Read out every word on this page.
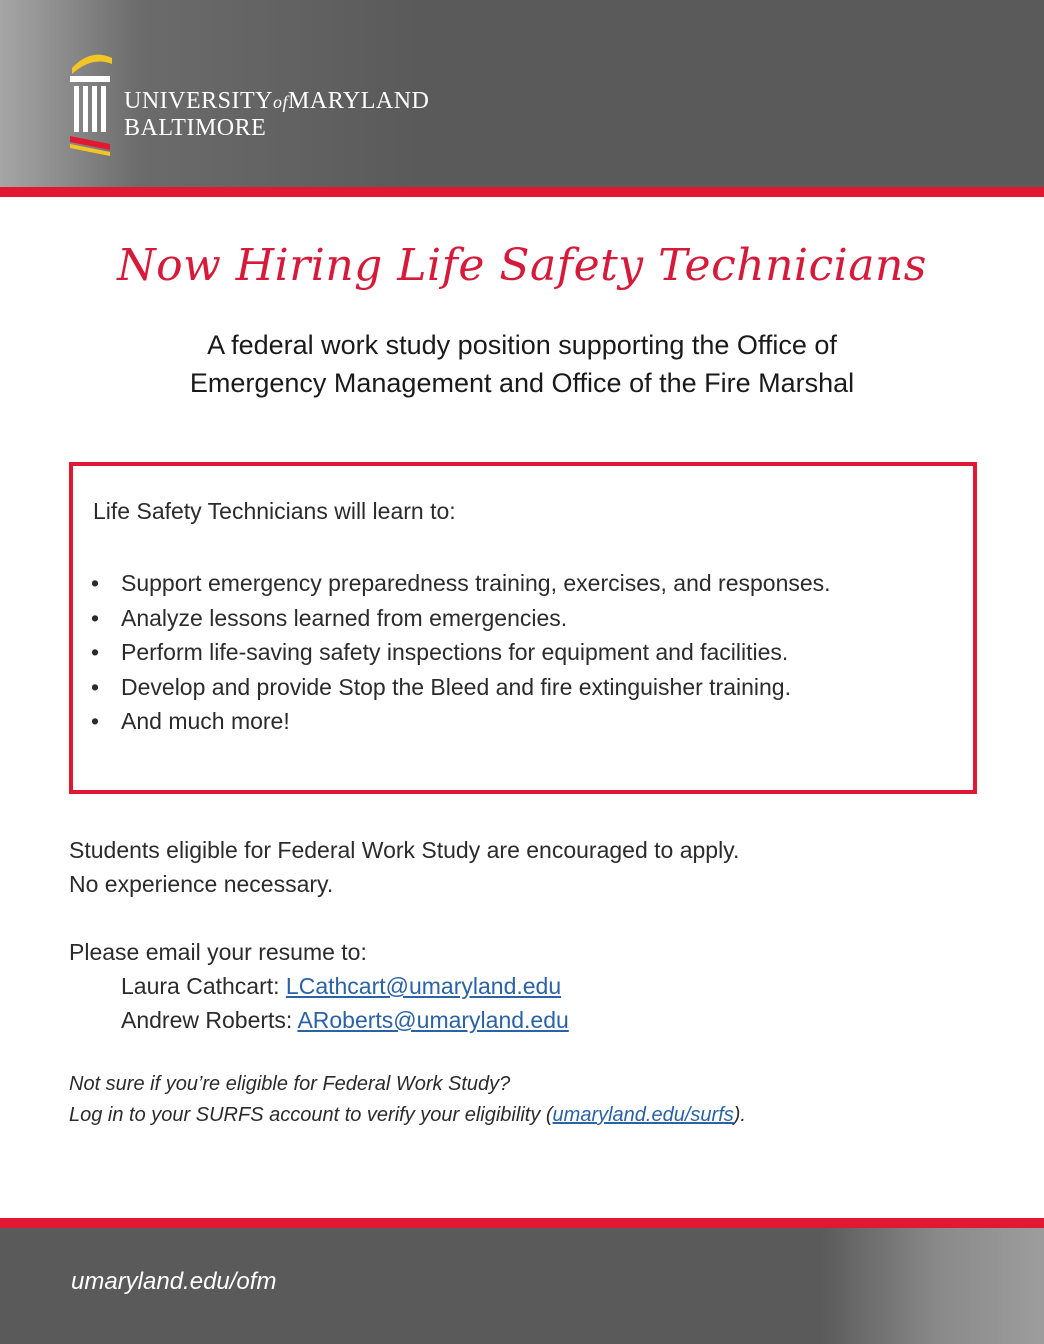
UNIVERSITYofMARYLAND
BALTIMORE
Now Hiring Life Safety Technicians
A federal work study position supporting the Office of
Emergency Management and Office of the Fire Marshal
Life Safety Technicians will learn to:
• Support emergency preparedness training, exercises, and responses.
• Analyze lessons learned from emergencies.
• Perform life-saving safety inspections for equipment and facilities.
• Develop and provide Stop the Bleed and fire extinguisher training.
• And much more!
Students eligible for Federal Work Study are encouraged to apply.
No experience necessary.
Please email your resume to:
Laura Cathcart: LCathcart@umaryland.edu
Andrew Roberts: ARoberts@umaryland.edu
Not sure if you’re eligible for Federal Work Study?
Log in to your SURFS account to verify your eligibility (umaryland.edu/surfs).
umaryland.edu/ofm
